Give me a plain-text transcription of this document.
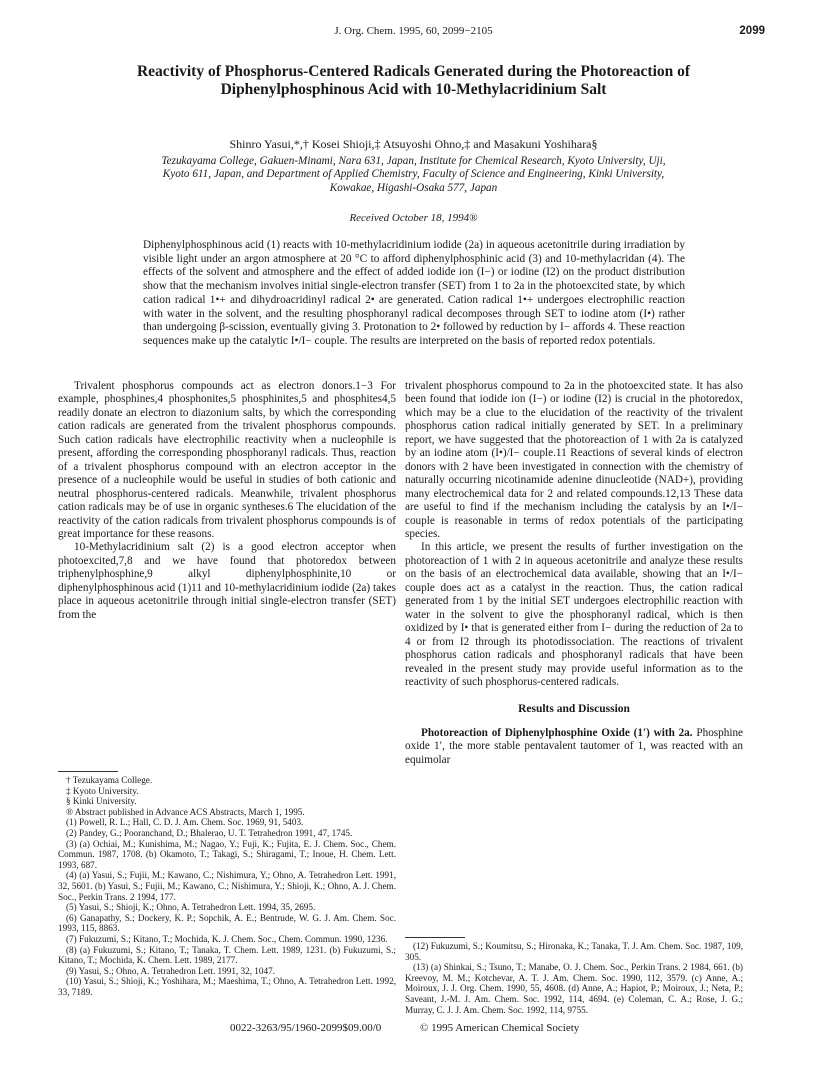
J. Org. Chem. 1995, 60, 2099−2105	2099
Reactivity of Phosphorus-Centered Radicals Generated during the Photoreaction of Diphenylphosphinous Acid with 10-Methylacridinium Salt
Shinro Yasui,*,† Kosei Shioji,‡ Atsuyoshi Ohno,‡ and Masakuni Yoshihara§
Tezukayama College, Gakuen-Minami, Nara 631, Japan, Institute for Chemical Research, Kyoto University, Uji, Kyoto 611, Japan, and Department of Applied Chemistry, Faculty of Science and Engineering, Kinki University, Kowakae, Higashi-Osaka 577, Japan
Received October 18, 1994®

Diphenylphosphinous acid (1) reacts with 10-methylacridinium iodide (2a) in aqueous acetonitrile during irradiation by visible light under an argon atmosphere at 20 °C to afford diphenylphosphinic acid (3) and 10-methylacridan (4). The effects of the solvent and atmosphere and the effect of added iodide ion (I−) or iodine (I2) on the product distribution show that the mechanism involves initial single-electron transfer (SET) from 1 to 2a in the photoexcited state, by which cation radical 1•+ and dihydroacridinyl radical 2• are generated. Cation radical 1•+ undergoes electrophilic reaction with water in the solvent, and the resulting phosphoranyl radical decomposes through SET to iodine atom (I•) rather than undergoing β-scission, eventually giving 3. Protonation to 2• followed by reduction by I− affords 4. These reaction sequences make up the catalytic I•/I− couple. The results are interpreted on the basis of reported redox potentials.

Trivalent phosphorus compounds act as electron donors.1−3 For example, phosphines,4 phosphonites,5 phosphinites,5 and phosphites4,5 readily donate an electron to diazonium salts, by which the corresponding cation radicals are generated from the trivalent phosphorus compounds. Such cation radicals have electrophilic reactivity when a nucleophile is present, affording the corresponding phosphoranyl radicals. Thus, reaction of a trivalent phosphorus compound with an electron acceptor in the presence of a nucleophile would be useful in studies of both cationic and neutral phosphorus-centered radicals. Meanwhile, trivalent phosphorus cation radicals may be of use in organic syntheses.6 The elucidation of the reactivity of the cation radicals from trivalent phosphorus compounds is of great importance for these reasons.

10-Methylacridinium salt (2) is a good electron acceptor when photoexcited,7,8 and we have found that photoredox between triphenylphosphine,9 alkyl diphenylphosphinite,10 or diphenylphosphinous acid (1)11 and 10-methylacridinium iodide (2a) takes place in aqueous acetonitrile through initial single-electron transfer (SET) from the

† Tezukayama College.

‡ Kyoto University.

§ Kinki University.

® Abstract published in Advance ACS Abstracts, March 1, 1995.

(1) Powell, R. L.; Hall, C. D. J. Am. Chem. Soc. 1969, 91, 5403.

(2) Pandey, G.; Pooranchand, D.; Bhalerao, U. T. Tetrahedron 1991, 47, 1745.

(3) (a) Ochiai, M.; Kunishima, M.; Nagao, Y.; Fuji, K.; Fujita, E. J. Chem. Soc., Chem. Commun. 1987, 1708. (b) Okamoto, T.; Takagi, S.; Shiragami, T.; Inoue, H. Chem. Lett. 1993, 687.

(4) (a) Yasui, S.; Fujii, M.; Kawano, C.; Nishimura, Y.; Ohno, A. Tetrahedron Lett. 1991, 32, 5601. (b) Yasui, S.; Fujii, M.; Kawano, C.; Nishimura, Y.; Shioji, K.; Ohno, A. J. Chem. Soc., Perkin Trans. 2 1994, 177.

(5) Yasui, S.; Shioji, K.; Ohno, A. Tetrahedron Lett. 1994, 35, 2695.

(6) Ganapathy, S.; Dockery, K. P.; Sopchik, A. E.; Bentrude, W. G. J. Am. Chem. Soc. 1993, 115, 8863.

(7) Fukuzumi, S.; Kitano, T.; Mochida, K. J. Chem. Soc., Chem. Commun. 1990, 1236.

(8) (a) Fukuzumi, S.; Kitano, T.; Tanaka, T. Chem. Lett. 1989, 1231. (b) Fukuzumi, S.; Kitano, T.; Mochida, K. Chem. Lett. 1989, 2177.

(9) Yasui, S.; Ohno, A. Tetrahedron Lett. 1991, 32, 1047.

(10) Yasui, S.; Shioji, K.; Yoshihara, M.; Maeshima, T.; Ohno, A. Tetrahedron Lett. 1992, 33, 7189.

trivalent phosphorus compound to 2a in the photoexcited state. It has also been found that iodide ion (I−) or iodine (I2) is crucial in the photoredox, which may be a clue to the elucidation of the reactivity of the trivalent phosphorus cation radical initially generated by SET. In a preliminary report, we have suggested that the photoreaction of 1 with 2a is catalyzed by an iodine atom (I•)/I− couple.11 Reactions of several kinds of electron donors with 2 have been investigated in connection with the chemistry of naturally occurring nicotinamide adenine dinucleotide (NAD+), providing many electrochemical data for 2 and related compounds.12,13 These data are useful to find if the mechanism including the catalysis by an I•/I− couple is reasonable in terms of redox potentials of the participating species.

In this article, we present the results of further investigation on the photoreaction of 1 with 2 in aqueous acetonitrile and analyze these results on the basis of an electrochemical data available, showing that an I•/I− couple does act as a catalyst in the reaction. Thus, the cation radical generated from 1 by the initial SET undergoes electrophilic reaction with water in the solvent to give the phosphoranyl radical, which is then oxidized by I• that is generated either from I− during the reduction of 2a to 4 or from I2 through its photodissociation. The reactions of trivalent phosphorus cation radicals and phosphoranyl radicals that have been revealed in the present study may provide useful information as to the reactivity of such phosphorus-centered radicals.

Results and Discussion

Photoreaction of Diphenylphosphine Oxide (1′) with 2a. Phosphine oxide 1′, the more stable pentavalent tautomer of 1, was reacted with an equimolar

(12) Fukuzumi, S.; Koumitsu, S.; Hironaka, K.; Tanaka, T. J. Am. Chem. Soc. 1987, 109, 305.

(13) (a) Shinkai, S.; Tsuno, T.; Manabe, O. J. Chem. Soc., Perkin Trans. 2 1984, 661. (b) Kreevoy, M. M.; Kotchevar, A. T. J. Am. Chem. Soc. 1990, 112, 3579. (c) Anne, A.; Moiroux, J. J. Org. Chem. 1990, 55, 4608. (d) Anne, A.; Hapiot, P.; Moiroux, J.; Neta, P.; Saveant, J.-M. J. Am. Chem. Soc. 1992, 114, 4694. (e) Coleman, C. A.; Rose, J. G.; Murray, C. J. J. Am. Chem. Soc. 1992, 114, 9755.

0022-3263/95/1960-2099$09.00/0	© 1995 American Chemical Society
